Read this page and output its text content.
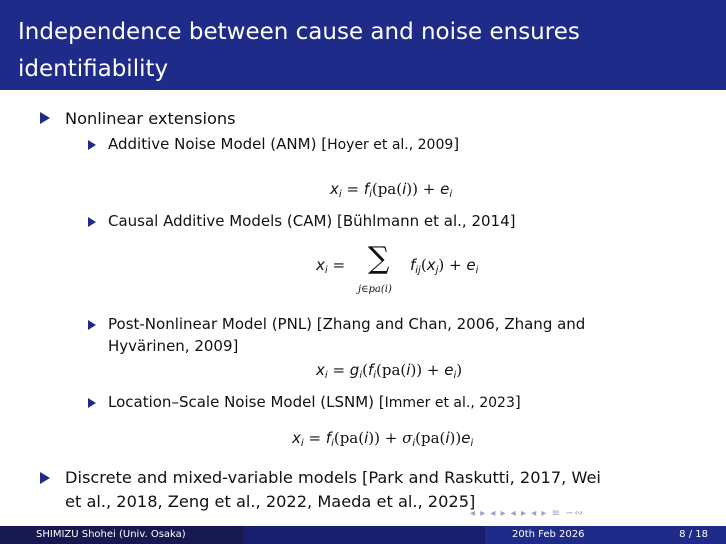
Independence between cause and noise ensures identifiability
Nonlinear extensions
Additive Noise Model (ANM) [Hoyer et al., 2009]
$x_i = f_i(pa(i)) + e_i$
Causal Additive Models (CAM) [Bühlmann et al., 2014]
$x_i$ = ∑
j∈pa(i)
$f_{ij}(x_j) + e_i$
Post-Nonlinear Model (PNL) [Zhang and Chan, 2006, Zhang and
Hyvärinen, 2009]
$x_i = g_i(f_i(pa(i)) + e_i)$
Location–Scale Noise Model (LSNM) [Immer et al., 2023]
$x_i = f_i(pa(i)) + \sigma_i(pa(i))e_i$
Discrete and mixed-variable models [Park and Raskutti, 2017, Wei
et al., 2018, Zeng et al., 2022, Maeda et al., 2025]
◂ ▸ ◂ ▸ ◂ ▸ ◂ ▸ ≡ ∽∾
SHIMIZU Shohei (Univ. Osaka)	20th Feb 2026	8 / 18
